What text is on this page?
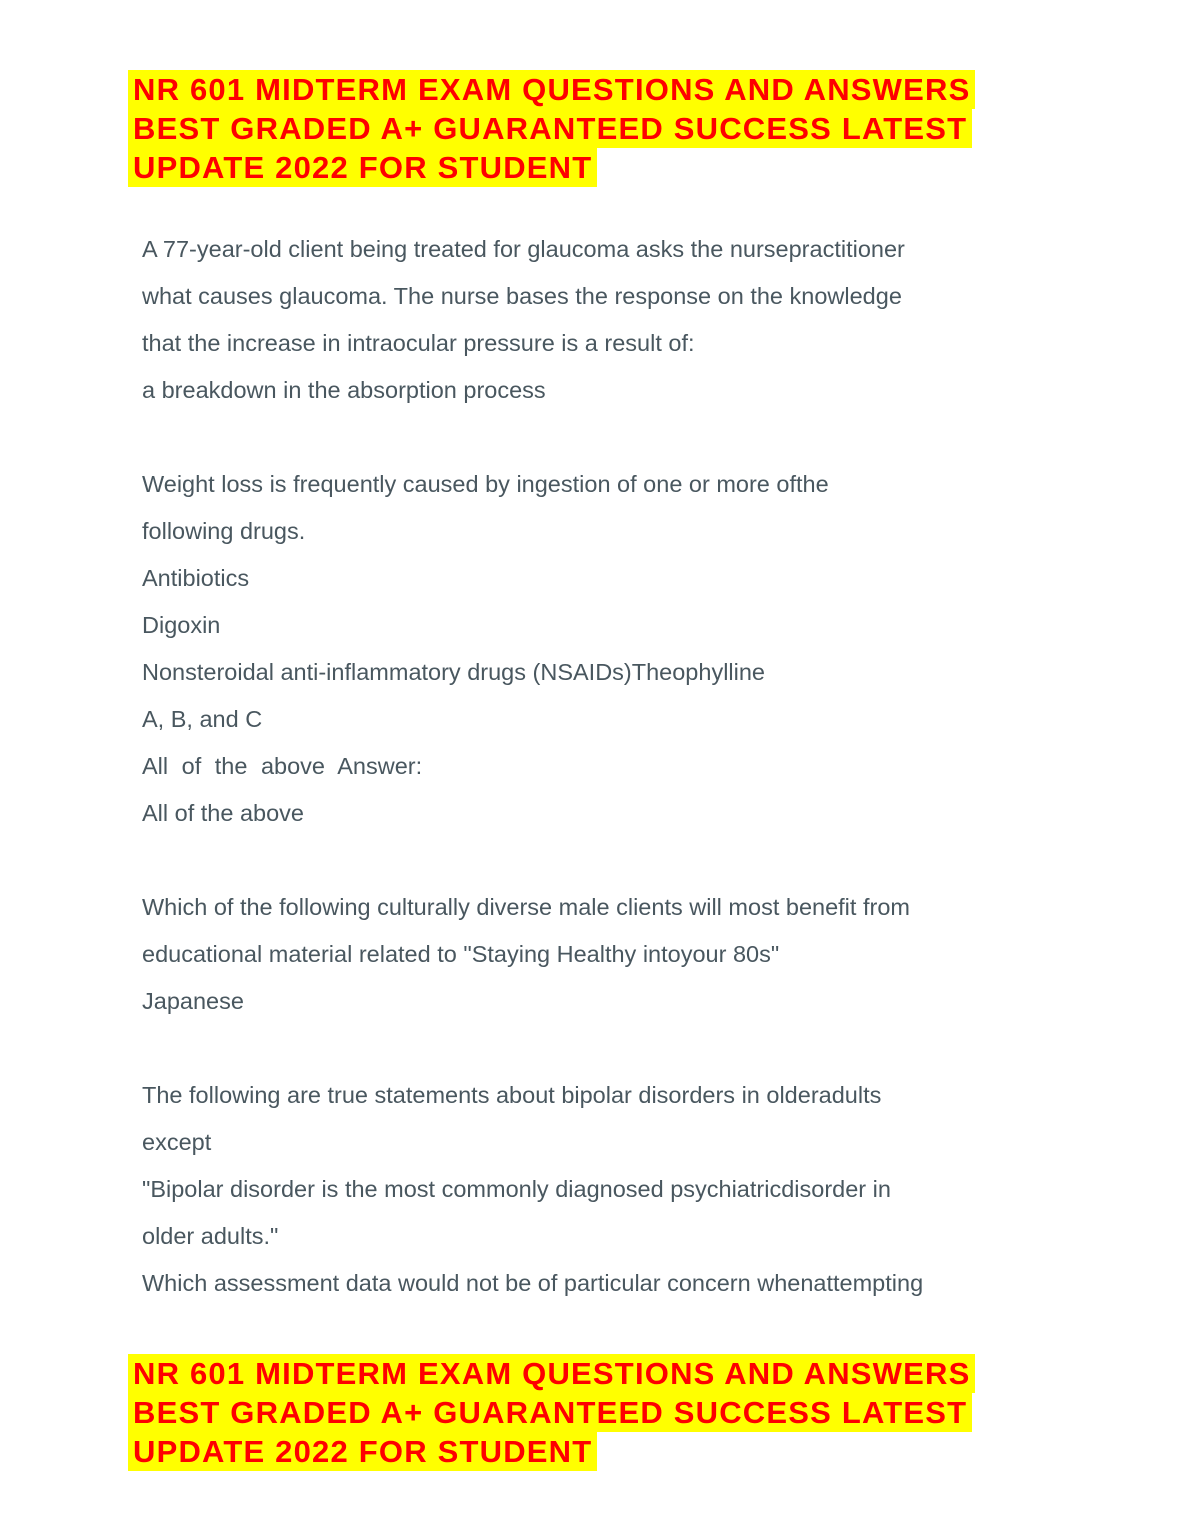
NR 601 MIDTERM EXAM QUESTIONS AND ANSWERS
BEST GRADED A+ GUARANTEED SUCCESS LATEST
UPDATE 2022 FOR STUDENT
A 77-year-old client being treated for glaucoma asks the nursepractitioner
what causes glaucoma. The nurse bases the response on the knowledge
that the increase in intraocular pressure is a result of:
a breakdown in the absorption process
Weight loss is frequently caused by ingestion of one or more ofthe
following drugs.
Antibiotics
Digoxin
Nonsteroidal anti-inflammatory drugs (NSAIDs)Theophylline
A, B, and C
All of the above Answer:
All of the above
Which of the following culturally diverse male clients will most benefit from
educational material related to "Staying Healthy intoyour 80s"
Japanese
The following are true statements about bipolar disorders in olderadults
except
"Bipolar disorder is the most commonly diagnosed psychiatricdisorder in
older adults."
Which assessment data would not be of particular concern whenattempting
NR 601 MIDTERM EXAM QUESTIONS AND ANSWERS
BEST GRADED A+ GUARANTEED SUCCESS LATEST
UPDATE 2022 FOR STUDENT
